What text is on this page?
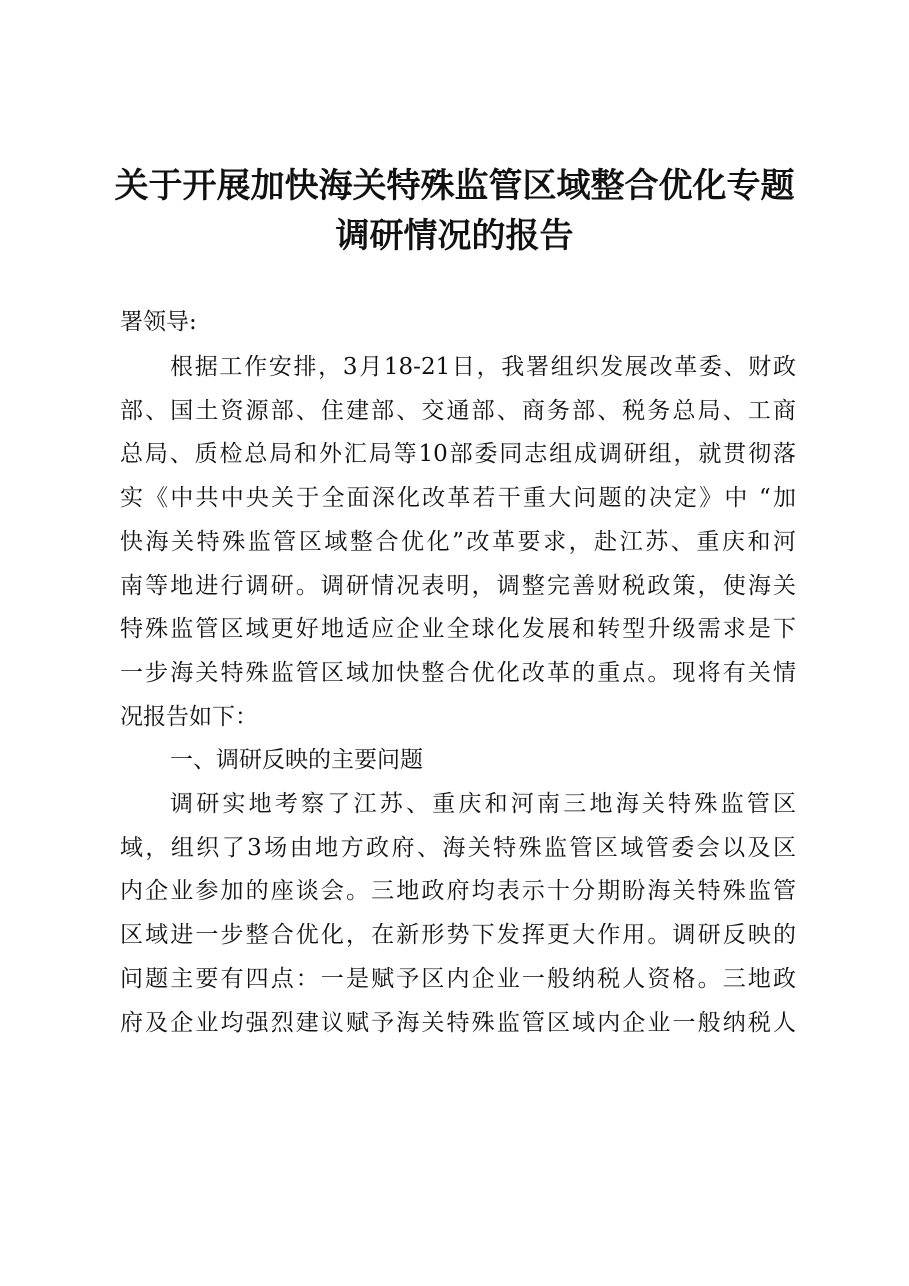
关于开展加快海关特殊监管区域整合优化专题
调研情况的报告
署领导:
根据工作安排，3月18-21日，我署组织发展改革委、财政
部、国土资源部、住建部、交通部、商务部、税务总局、工商
总局、质检总局和外汇局等10部委同志组成调研组，就贯彻落
实《中共中央关于全面深化改革若干重大问题的决定》中 “加
快海关特殊监管区域整合优化”改革要求，赴江苏、重庆和河
南等地进行调研。调研情况表明，调整完善财税政策，使海关
特殊监管区域更好地适应企业全球化发展和转型升级需求是下
一步海关特殊监管区域加快整合优化改革的重点。现将有关情
况报告如下：
一、调研反映的主要问题
调研实地考察了江苏、重庆和河南三地海关特殊监管区
域，组织了3场由地方政府、海关特殊监管区域管委会以及区
内企业参加的座谈会。三地政府均表示十分期盼海关特殊监管
区域进一步整合优化，在新形势下发挥更大作用。调研反映的
问题主要有四点：一是赋予区内企业一般纳税人资格。三地政
府及企业均强烈建议赋予海关特殊监管区域内企业一般纳税人
